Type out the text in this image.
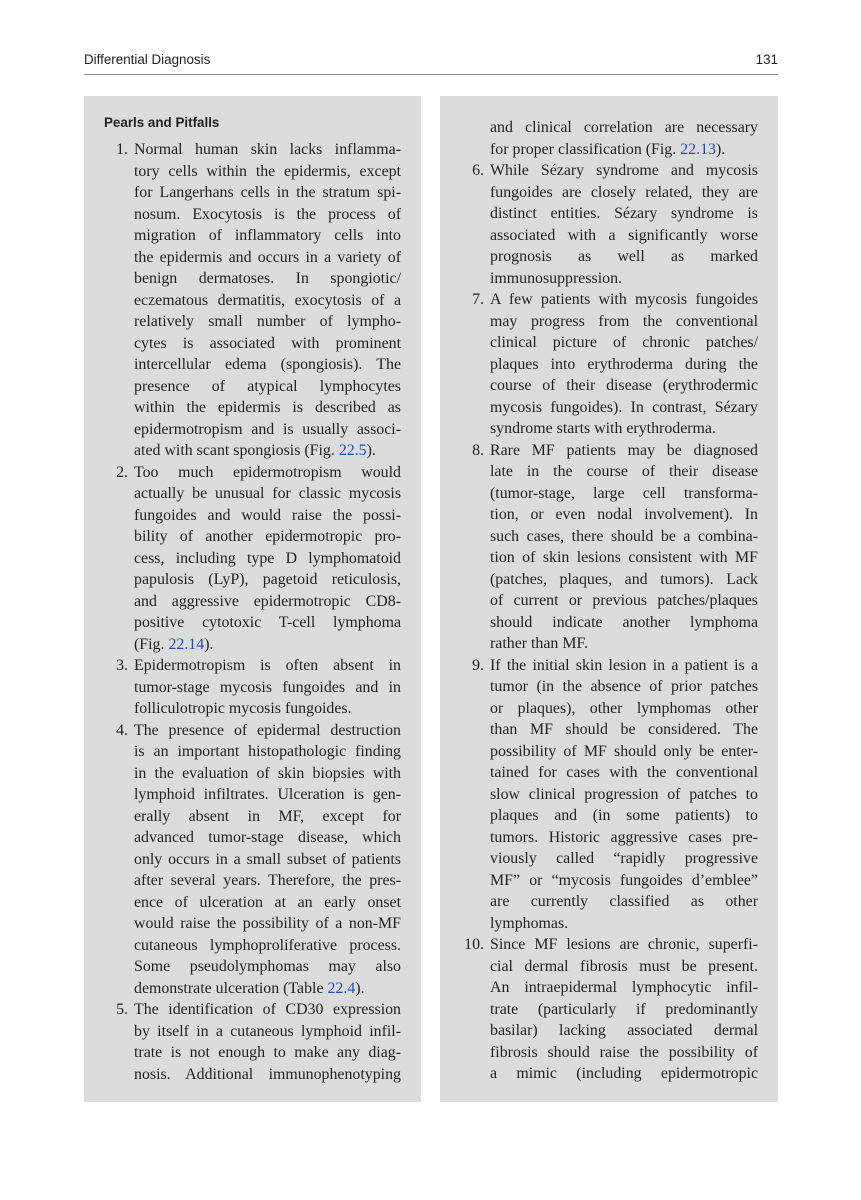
Differential Diagnosis	131
Pearls and Pitfalls
1. Normal human skin lacks inflamma-
tory cells within the epidermis, except
for Langerhans cells in the stratum spi-
nosum. Exocytosis is the process of
migration of inflammatory cells into
the epidermis and occurs in a variety of
benign dermatoses. In spongiotic/
eczematous dermatitis, exocytosis of a
relatively small number of lympho-
cytes is associated with prominent
intercellular edema (spongiosis). The
presence of atypical lymphocytes
within the epidermis is described as
epidermotropism and is usually associ-
ated with scant spongiosis (Fig. 22.5).
2. Too much epidermotropism would
actually be unusual for classic mycosis
fungoides and would raise the possi-
bility of another epidermotropic pro-
cess, including type D lymphomatoid
papulosis (LyP), pagetoid reticulosis,
and aggressive epidermotropic CD8-
positive cytotoxic T-cell lymphoma
(Fig. 22.14).
3. Epidermotropism is often absent in
tumor-stage mycosis fungoides and in
folliculotropic mycosis fungoides.
4. The presence of epidermal destruction
is an important histopathologic finding
in the evaluation of skin biopsies with
lymphoid infiltrates. Ulceration is gen-
erally absent in MF, except for
advanced tumor-stage disease, which
only occurs in a small subset of patients
after several years. Therefore, the pres-
ence of ulceration at an early onset
would raise the possibility of a non-MF
cutaneous lymphoproliferative process.
Some pseudolymphomas may also
demonstrate ulceration (Table 22.4).
5. The identification of CD30 expression
by itself in a cutaneous lymphoid infil-
trate is not enough to make any diag-
nosis. Additional immunophenotyping
and clinical correlation are necessary
for proper classification (Fig. 22.13).
6. While Sézary syndrome and mycosis
fungoides are closely related, they are
distinct entities. Sézary syndrome is
associated with a significantly worse
prognosis as well as marked
immunosuppression.
7. A few patients with mycosis fungoides
may progress from the conventional
clinical picture of chronic patches/
plaques into erythroderma during the
course of their disease (erythrodermic
mycosis fungoides). In contrast, Sézary
syndrome starts with erythroderma.
8. Rare MF patients may be diagnosed
late in the course of their disease
(tumor-stage, large cell transforma-
tion, or even nodal involvement). In
such cases, there should be a combina-
tion of skin lesions consistent with MF
(patches, plaques, and tumors). Lack
of current or previous patches/plaques
should indicate another lymphoma
rather than MF.
9. If the initial skin lesion in a patient is a
tumor (in the absence of prior patches
or plaques), other lymphomas other
than MF should be considered. The
possibility of MF should only be enter-
tained for cases with the conventional
slow clinical progression of patches to
plaques and (in some patients) to
tumors. Historic aggressive cases pre-
viously called “rapidly progressive
MF” or “mycosis fungoides d’emblee”
are currently classified as other
lymphomas.
10. Since MF lesions are chronic, superfi-
cial dermal fibrosis must be present.
An intraepidermal lymphocytic infil-
trate (particularly if predominantly
basilar) lacking associated dermal
fibrosis should raise the possibility of
a mimic (including epidermotropic
